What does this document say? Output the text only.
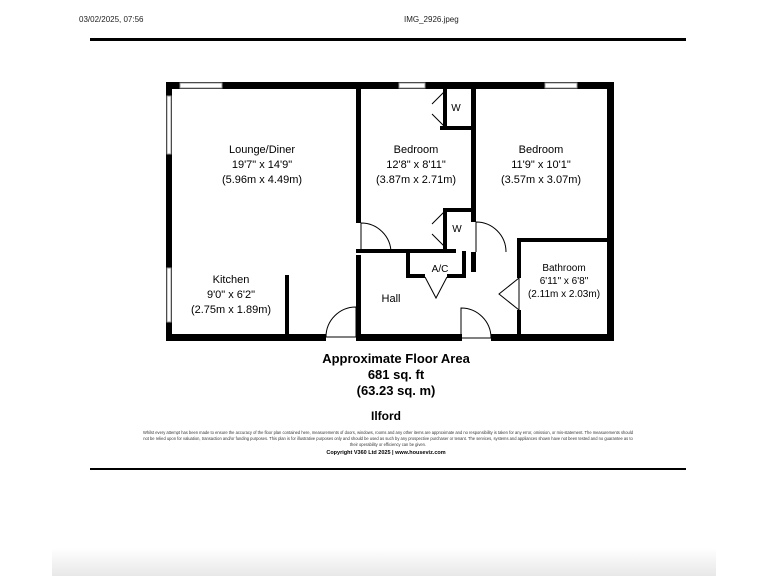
03/02/2025, 07:56	IMG_2926.jpeg
Lounge/Diner
19'7" x 14'9"
(5.96m x 4.49m)
Bedroom
12'8" x 8'11"
(3.87m x 2.71m)
Bedroom
11'9" x 10'1"
(3.57m x 3.07m)
Kitchen
9'0" x 6'2"
(2.75m x 1.89m)
Bathroom
6'11" x 6'8"
(2.11m x 2.03m)
Hall
A/C
W
W
Approximate Floor Area
681 sq. ft
(63.23 sq. m)
Ilford
Whilst every attempt has been made to ensure the accuracy of the floor plan contained here, measurements of doors, windows, rooms and any other items are approximate and no responsibility is taken for any error, omission, or mis-statement. The measurements should not be relied upon for valuation, transaction and/or funding purposes. This plan is for illustrative purposes only and should be used as such by any prospective purchaser or tenant. The services, systems and appliances shown have not been tested and no guarantee as to their operability or efficiency can be given.
Copyright V360 Ltd 2025 | www.houseviz.com
